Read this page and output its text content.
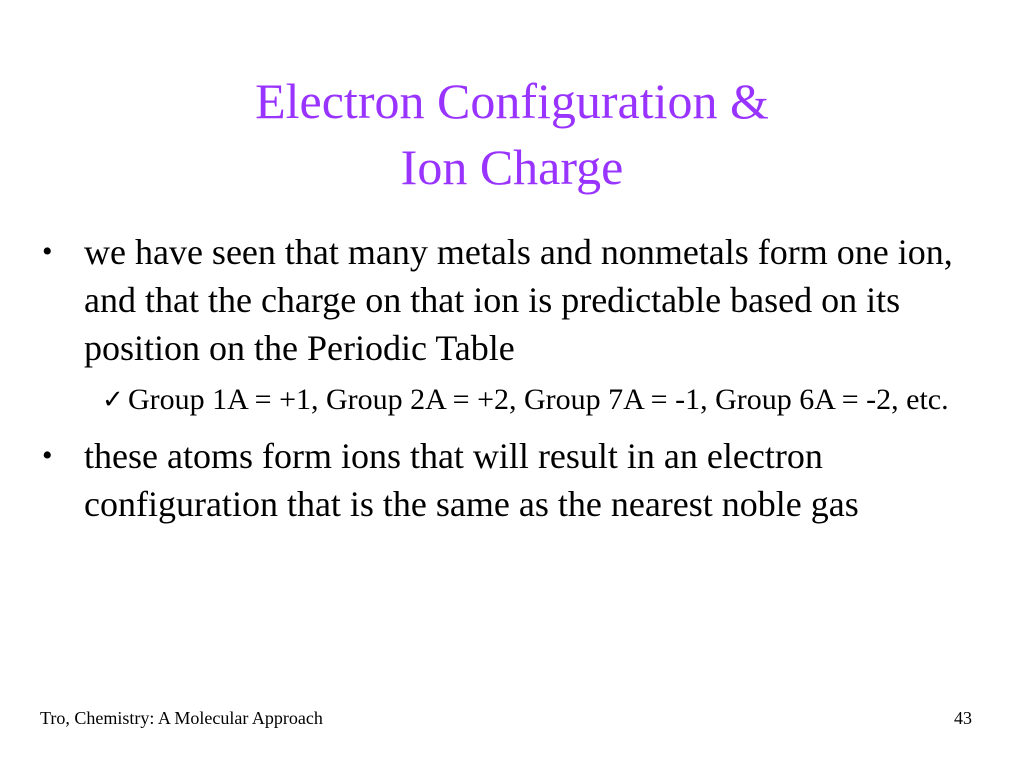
Electron Configuration &
Ion Charge
• we have seen that many metals and nonmetals form one ion, and that the charge on that ion is predictable based on its position on the Periodic Table
✓ Group 1A = +1, Group 2A = +2, Group 7A = -1, Group 6A = -2, etc.
• these atoms form ions that will result in an electron configuration that is the same as the nearest noble gas
Tro, Chemistry: A Molecular Approach	43
